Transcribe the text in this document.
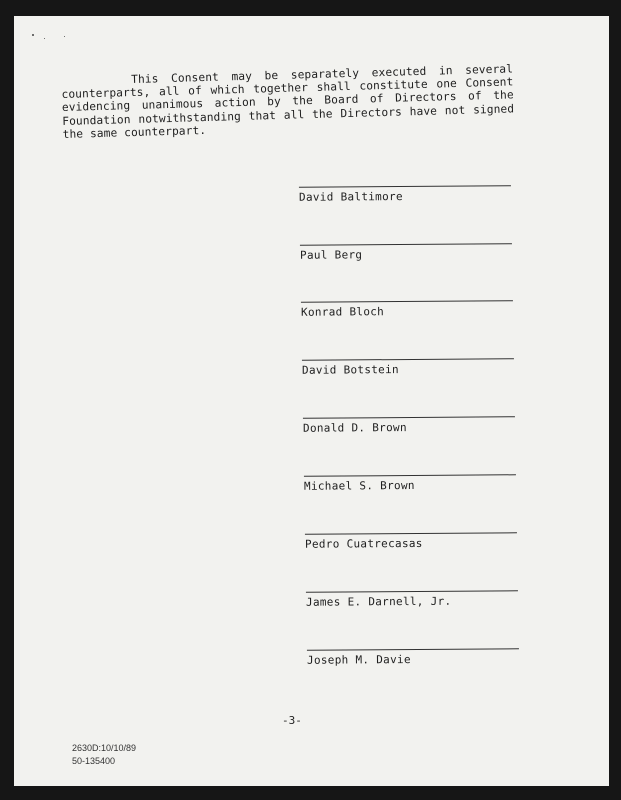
This Consent may be separately executed in several counterparts, all of which together shall constitute one Consent evidencing unanimous action by the Board of Directors of the Foundation notwithstanding that all the Directors have not signed the same counterpart.

David Baltimore
Paul Berg
Konrad Bloch
David Botstein
Donald D. Brown
Michael S. Brown
Pedro Cuatrecasas
James E. Darnell, Jr.
Joseph M. Davie
-3-
2630D:10/10/89
50-135400
